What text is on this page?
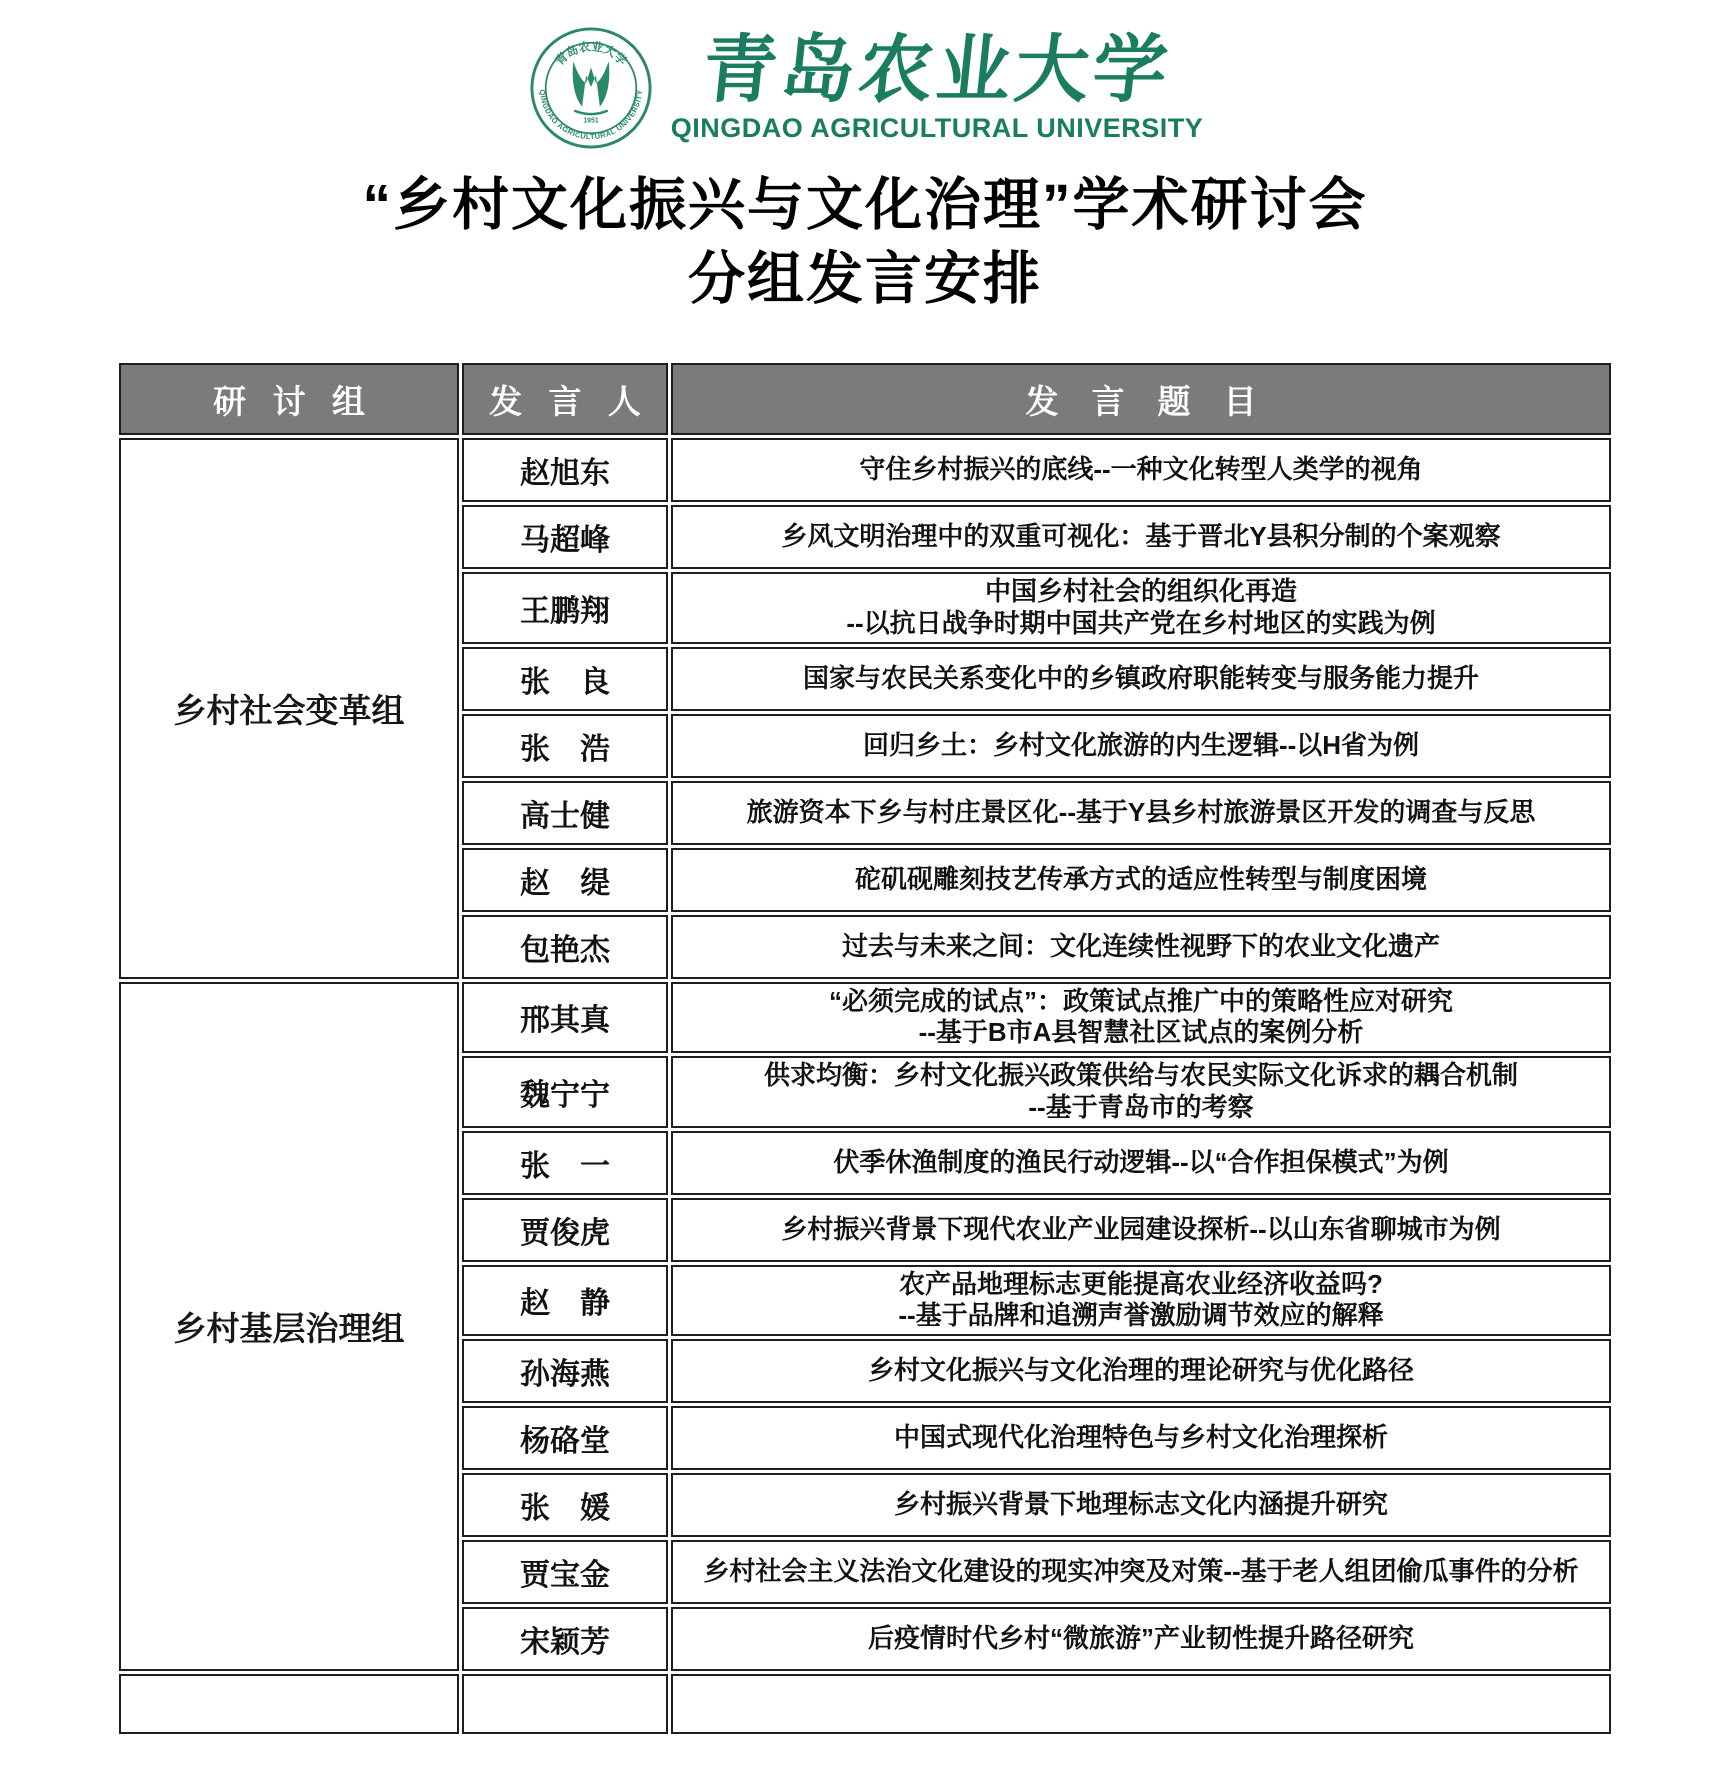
青岛农业大学
QINGDAO AGRICULTURAL UNIVERSITY
1951
青岛农业大学
QINGDAO AGRICULTURAL UNIVERSITY
“乡村文化振兴与文化治理”学术研讨会
分组发言安排
研讨组	发言人	发言题目
乡村社会变革组	赵旭东	守住乡村振兴的底线--一种文化转型人类学的视角

	马超峰	乡风文明治理中的双重可视化：基于晋北Y县积分制的个案观察

	王鹏翔	中国乡村社会的组织化再造
--以抗日战争时期中国共产党在乡村地区的实践为例

	张　良	国家与农民关系变化中的乡镇政府职能转变与服务能力提升

	张　浩	回归乡土：乡村文化旅游的内生逻辑--以H省为例

	高士健	旅游资本下乡与村庄景区化--基于Y县乡村旅游景区开发的调查与反思

	赵　缇	砣矶砚雕刻技艺传承方式的适应性转型与制度困境

	包艳杰	过去与未来之间：文化连续性视野下的农业文化遗产

乡村基层治理组	邢其真	“必须完成的试点”：政策试点推广中的策略性应对研究
--基于B市A县智慧社区试点的案例分析

	魏宁宁	供求均衡：乡村文化振兴政策供给与农民实际文化诉求的耦合机制
--基于青岛市的考察

	张　一	伏季休渔制度的渔民行动逻辑--以“合作担保模式”为例

	贾俊虎	乡村振兴背景下现代农业产业园建设探析--以山东省聊城市为例

	赵　静	农产品地理标志更能提高农业经济收益吗?
--基于品牌和追溯声誉激励调节效应的解释

	孙海燕	乡村文化振兴与文化治理的理论研究与优化路径

	杨硌堂	中国式现代化治理特色与乡村文化治理探析

	张　媛	乡村振兴背景下地理标志文化内涵提升研究

	贾宝金	乡村社会主义法治文化建设的现实冲突及对策--基于老人组团偷瓜事件的分析

	宋颖芳	后疫情时代乡村“微旅游”产业韧性提升路径研究
